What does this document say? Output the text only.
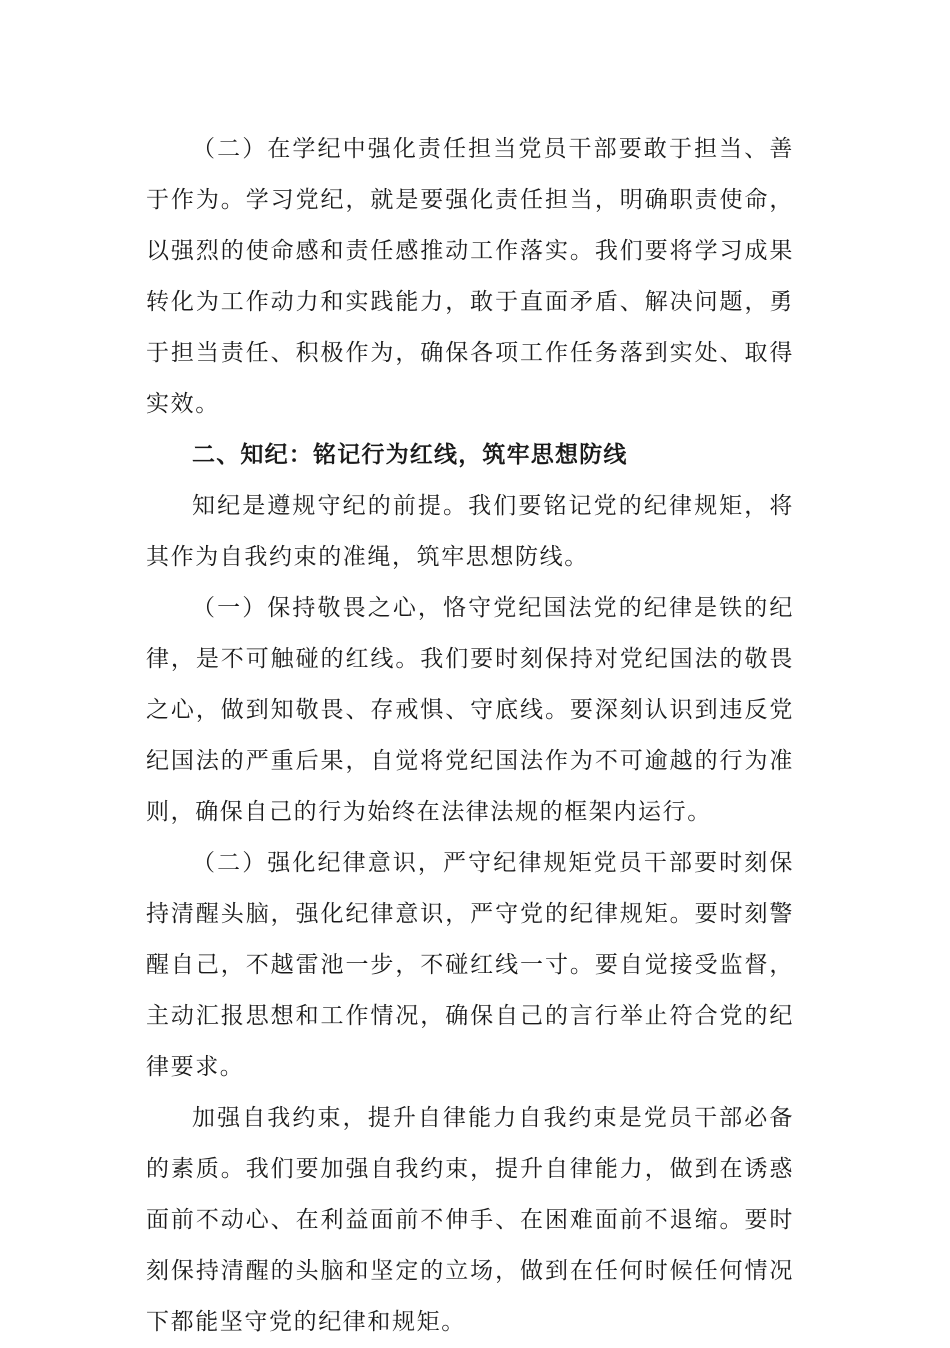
（二）在学纪中强化责任担当党员干部要敢于担当、善于作为。学习党纪，就是要强化责任担当，明确职责使命，以强烈的使命感和责任感推动工作落实。我们要将学习成果转化为工作动力和实践能力，敢于直面矛盾、解决问题，勇于担当责任、积极作为，确保各项工作任务落到实处、取得实效。

二、知纪：铭记行为红线，筑牢思想防线

知纪是遵规守纪的前提。我们要铭记党的纪律规矩，将其作为自我约束的准绳，筑牢思想防线。

（一）保持敬畏之心，恪守党纪国法党的纪律是铁的纪律，是不可触碰的红线。我们要时刻保持对党纪国法的敬畏之心，做到知敬畏、存戒惧、守底线。要深刻认识到违反党纪国法的严重后果，自觉将党纪国法作为不可逾越的行为准则，确保自己的行为始终在法律法规的框架内运行。

（二）强化纪律意识，严守纪律规矩党员干部要时刻保持清醒头脑，强化纪律意识，严守党的纪律规矩。要时刻警醒自己，不越雷池一步，不碰红线一寸。要自觉接受监督，主动汇报思想和工作情况，确保自己的言行举止符合党的纪律要求。

加强自我约束，提升自律能力自我约束是党员干部必备的素质。我们要加强自我约束，提升自律能力，做到在诱惑面前不动心、在利益面前不伸手、在困难面前不退缩。要时刻保持清醒的头脑和坚定的立场，做到在任何时候任何情况下都能坚守党的纪律和规矩。
